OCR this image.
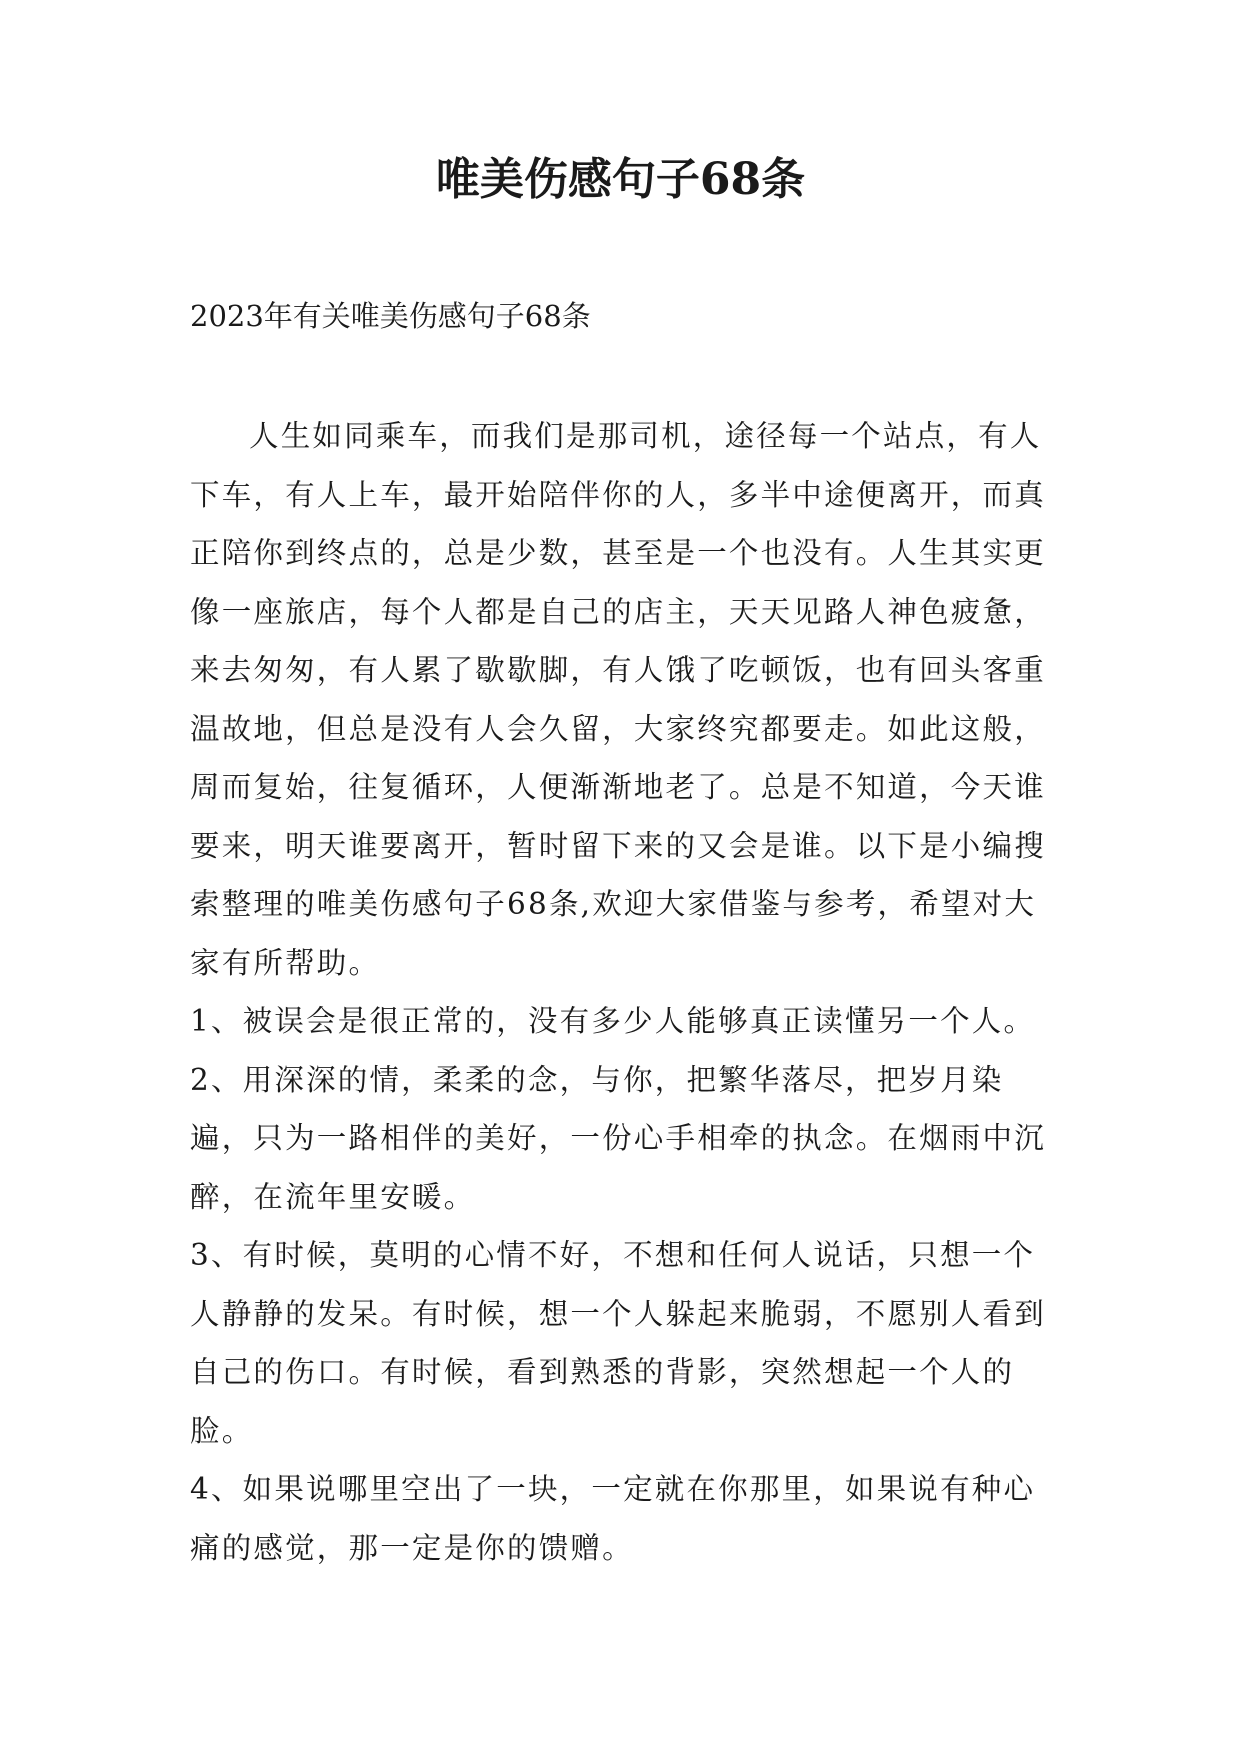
唯美伤感句子68条

2023年有关唯美伤感句子68条

人生如同乘车，而我们是那司机，途径每一个站点，有人下车，有人上车，最开始陪伴你的人，多半中途便离开，而真正陪你到终点的，总是少数，甚至是一个也没有。人生其实更像一座旅店，每个人都是自己的店主，天天见路人神色疲惫，来去匆匆，有人累了歇歇脚，有人饿了吃顿饭，也有回头客重温故地，但总是没有人会久留，大家终究都要走。如此这般，周而复始，往复循环，人便渐渐地老了。总是不知道，今天谁要来，明天谁要离开，暂时留下来的又会是谁。以下是小编搜索整理的唯美伤感句子68条,欢迎大家借鉴与参考，希望对大家有所帮助。

1、被误会是很正常的，没有多少人能够真正读懂另一个人。

2、用深深的情，柔柔的念，与你，把繁华落尽，把岁月染遍，只为一路相伴的美好，一份心手相牵的执念。在烟雨中沉醉，在流年里安暖。

3、有时候，莫明的心情不好，不想和任何人说话，只想一个人静静的发呆。有时候，想一个人躲起来脆弱，不愿别人看到自己的伤口。有时候，看到熟悉的背影，突然想起一个人的脸。

4、如果说哪里空出了一块，一定就在你那里，如果说有种心痛的感觉，那一定是你的馈赠。
